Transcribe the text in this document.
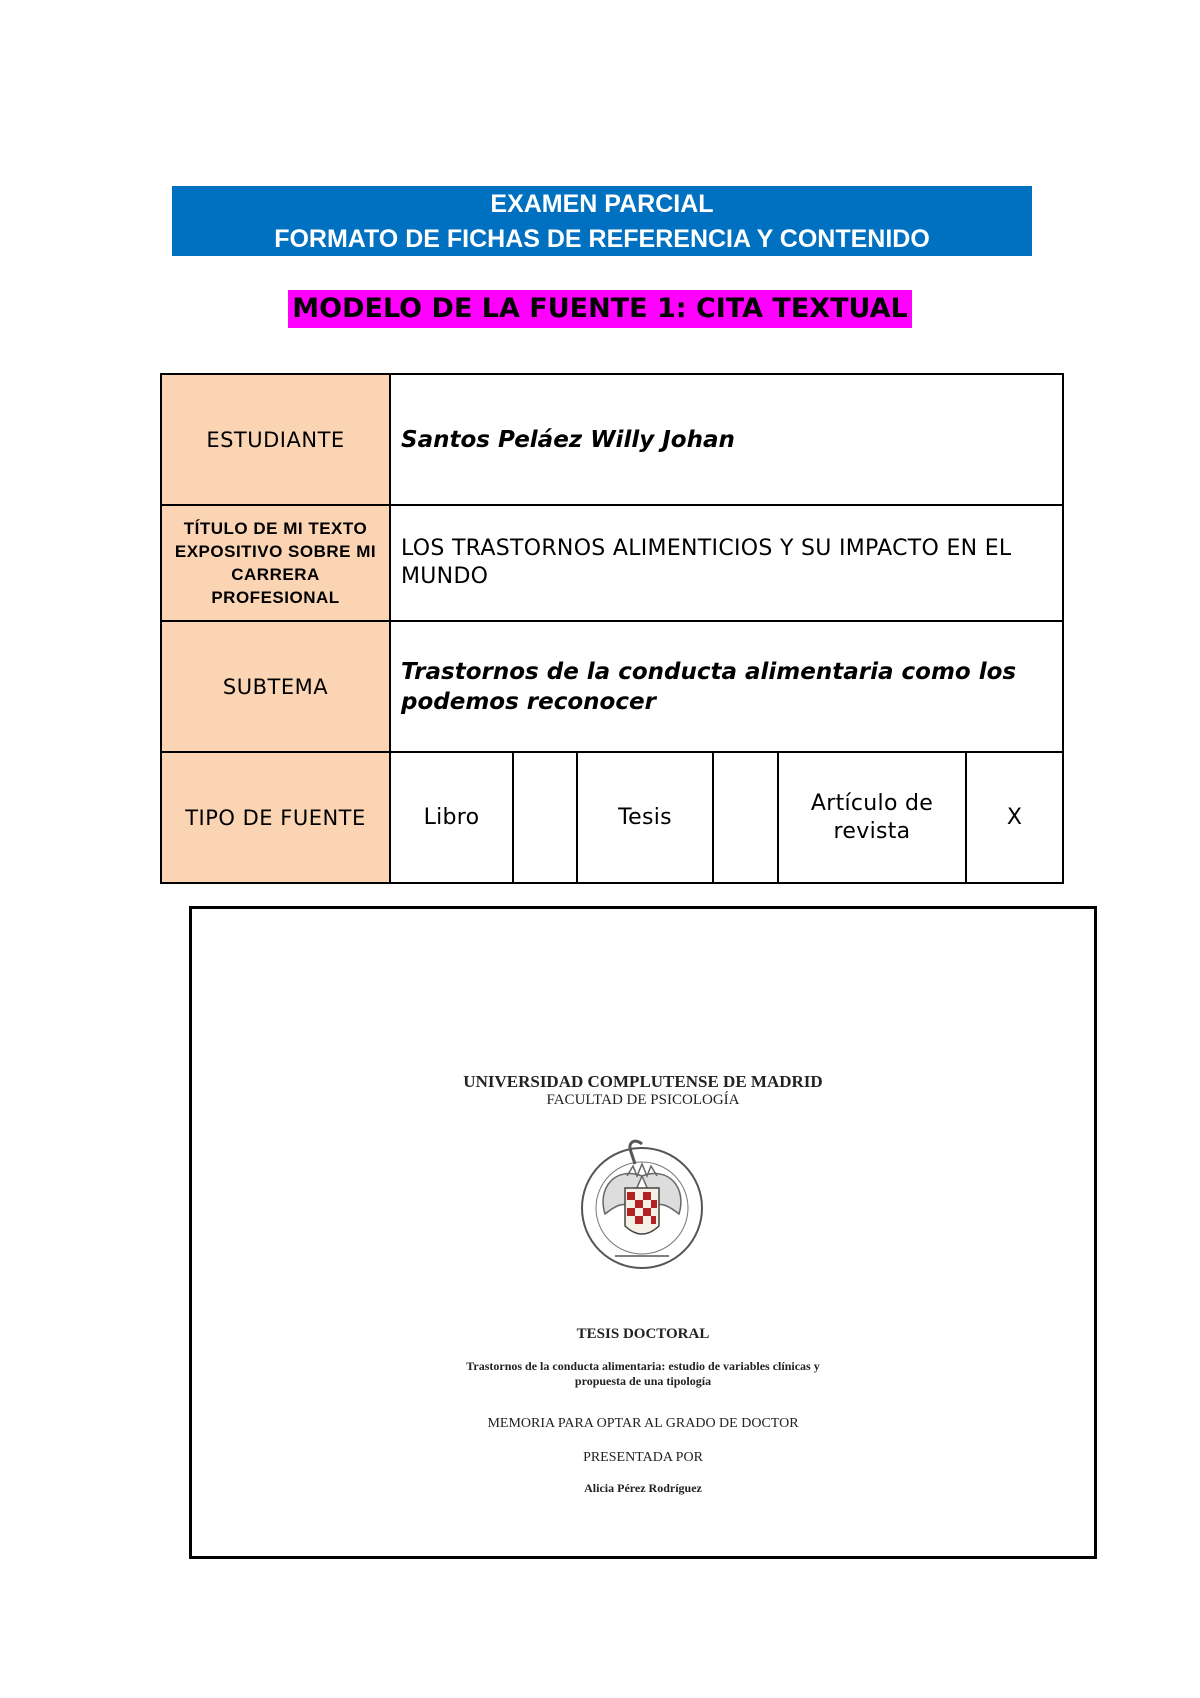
EXAMEN PARCIAL
FORMATO DE FICHAS DE REFERENCIA Y CONTENIDO
MODELO DE LA FUENTE 1: CITA TEXTUAL
ESTUDIANTE	Santos Peláez Willy Johan					
TÍTULO DE MI TEXTO EXPOSITIVO SOBRE MI CARRERA PROFESIONAL	LOS TRASTORNOS ALIMENTICIOS Y SU IMPACTO EN EL MUNDO					
SUBTEMA	Trastornos de la conducta alimentaria como los podemos reconocer					
TIPO DE FUENTE	Libro		Tesis		Artículo de revista	X
UNIVERSIDAD COMPLUTENSE DE MADRID
FACULTAD DE PSICOLOGÍA
TESIS DOCTORAL
Trastornos de la conducta alimentaria: estudio de variables clínicas y
propuesta de una tipología
MEMORIA PARA OPTAR AL GRADO DE DOCTOR
PRESENTADA POR
Alicia Pérez Rodríguez
